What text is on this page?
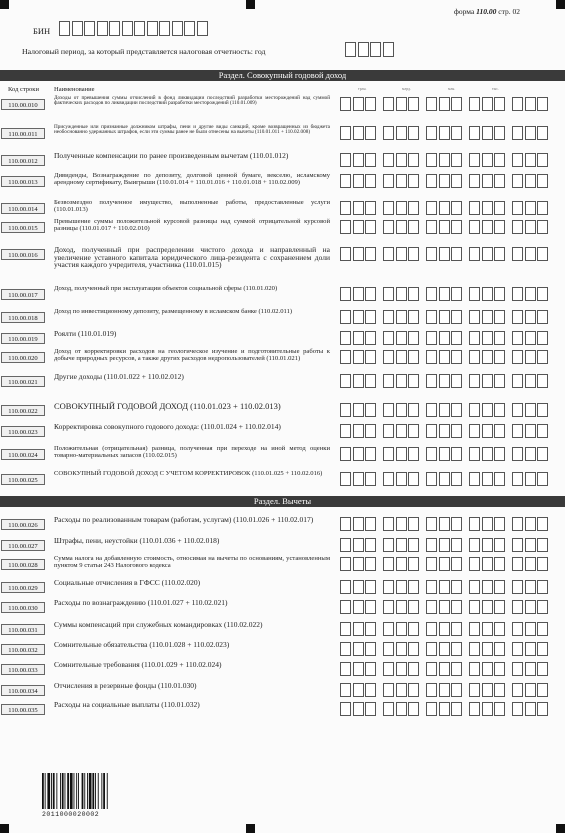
форма 110.00 стр. 02
БИН
Налоговый период, за который представляется налоговая отчетность: год
Раздел. Совокупный годовой доход
Код строки Наименование	трлн.	млрд.	млн.	тыс.
110.00.010
Доходы от превышения суммы отчислений в фонд ликвидации последствий разработки месторождений над суммой фактических расходов по ликвидации последствий разработки месторождений (110.01.009)
110.00.011
Присужденные или признанные должником штрафы, пени и другие виды санкций, кроме возвращенных из бюджета необоснованно удержанных штрафов, если эти суммы ранее не были отнесены на вычеты (110.01.011 + 110.02.008)
110.00.012
Полученные компенсации по ранее произведенным вычетам (110.01.012)
110.00.013
Дивиденды, Вознаграждение по депозиту, долговой ценной бумаге, векселю, исламскому арендному сертификату, Выигрыши (110.01.014 + 110.01.016 + 110.01.018 + 110.02.009)
110.00.014
Безвозмездно полученное имущество, выполненные работы, предоставленные услуги (110.01.013)
110.00.015
Превышение суммы положительной курсовой разницы над суммой отрицательной курсовой разницы (110.01.017 + 110.02.010)
110.00.016
Доход, полученный при распределении чистого дохода и направленный на увеличение уставного капитала юридического лица-резидента с сохранением доли участия каждого учредителя, участника (110.01.015)
110.00.017
Доход, полученный при эксплуатации объектов социальной сферы (110.01.020)
110.00.018
Доход по инвестиционному депозиту, размещенному в исламском банке (110.02.011)
110.00.019
Роялти (110.01.019)
110.00.020
Доход от корректировки расходов на геологическое изучение и подготовительные работы к добыче природных ресурсов, а также других расходов недропользователей (110.01.021)
110.00.021
Другие доходы (110.01.022 + 110.02.012)
110.00.022
СОВОКУПНЫЙ ГОДОВОЙ ДОХОД (110.01.023 + 110.02.013)
110.00.023
Корректировка совокупного годового дохода: (110.01.024 + 110.02.014)
110.00.024
Положительная (отрицательная) разница, полученная при переходе на иной метод оценки товарно-материальных запасов (110.02.015)
110.00.025
СОВОКУПНЫЙ ГОДОВОЙ ДОХОД С УЧЕТОМ КОРРЕКТИРОВОК (110.01.025 + 110.02.016)
Раздел. Вычеты
110.00.026
Расходы по реализованным товарам (работам, услугам) (110.01.026 + 110.02.017)
110.00.027
Штрафы, пени, неустойки (110.01.036 + 110.02.018)
110.00.028
Сумма налога на добавленную стоимость, относимая на вычеты по основаниям, установленным пунктом 9 статьи 243 Налогового кодекса
110.00.029
Социальные отчисления в ГФСС (110.02.020)
110.00.030
Расходы по вознаграждению (110.01.027 + 110.02.021)
110.00.031
Суммы компенсаций при служебных командировках (110.02.022)
110.00.032
Сомнительные обязательства (110.01.028 + 110.02.023)
110.00.033
Сомнительные требования (110.01.029 + 110.02.024)
110.00.034
Отчисления в резервные фонды (110.01.030)
110.00.035
Расходы на социальные выплаты (110.01.032)
2011000020002
